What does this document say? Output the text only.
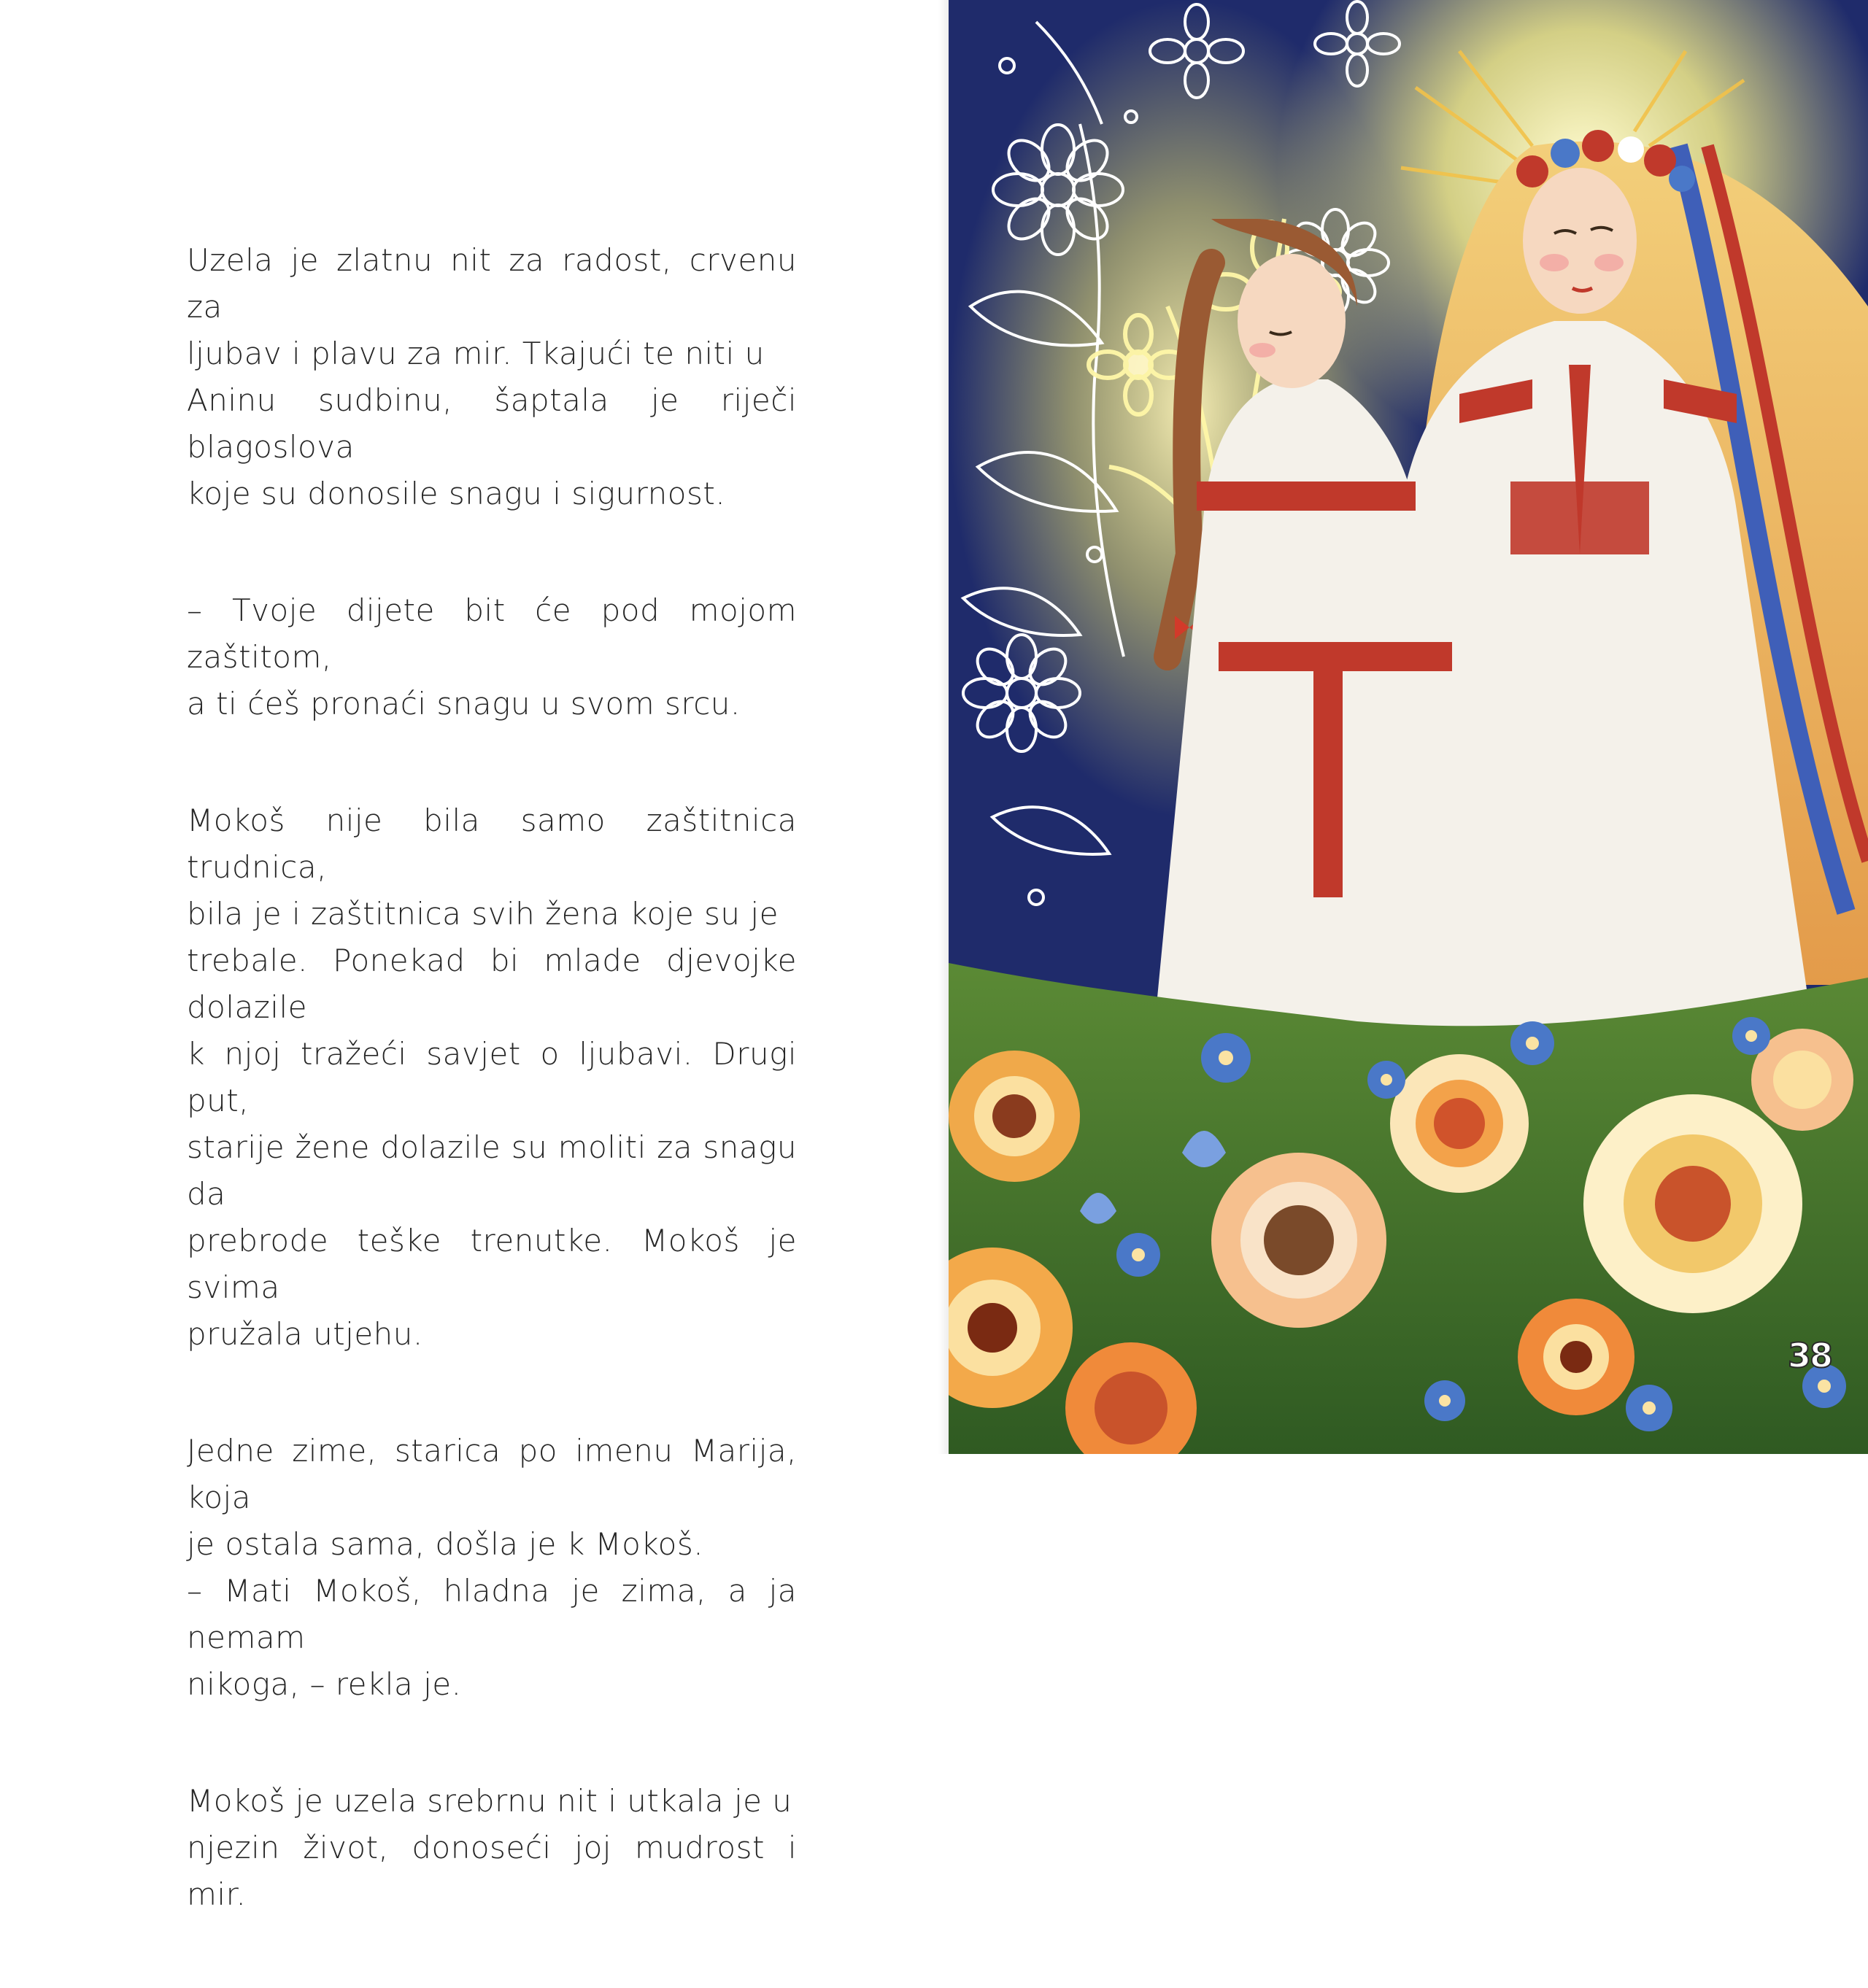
Uzela je zlatnu nit za radost, crvenu za
ljubav i plavu za mir. Tkajući te niti u
Aninu sudbinu, šaptala je riječi blagoslova
koje su donosile snagu i sigurnost.

– Tvoje dijete bit će pod mojom zaštitom,
a ti ćeš pronaći snagu u svom srcu.

Mokoš nije bila samo zaštitnica trudnica,
bila je i zaštitnica svih žena koje su je
trebale. Ponekad bi mlade djevojke dolazile
k njoj tražeći savjet o ljubavi. Drugi put,
starije žene dolazile su moliti za snagu da
prebrode teške trenutke. Mokoš je svima
pružala utjehu.

Jedne zime, starica po imenu Marija, koja
je ostala sama, došla je k Mokoš.
– Mati Mokoš, hladna je zima, a ja nemam
nikoga, – rekla je.

Mokoš je uzela srebrnu nit i utkala je u
njezin život, donoseći joj mudrost i mir.

38
